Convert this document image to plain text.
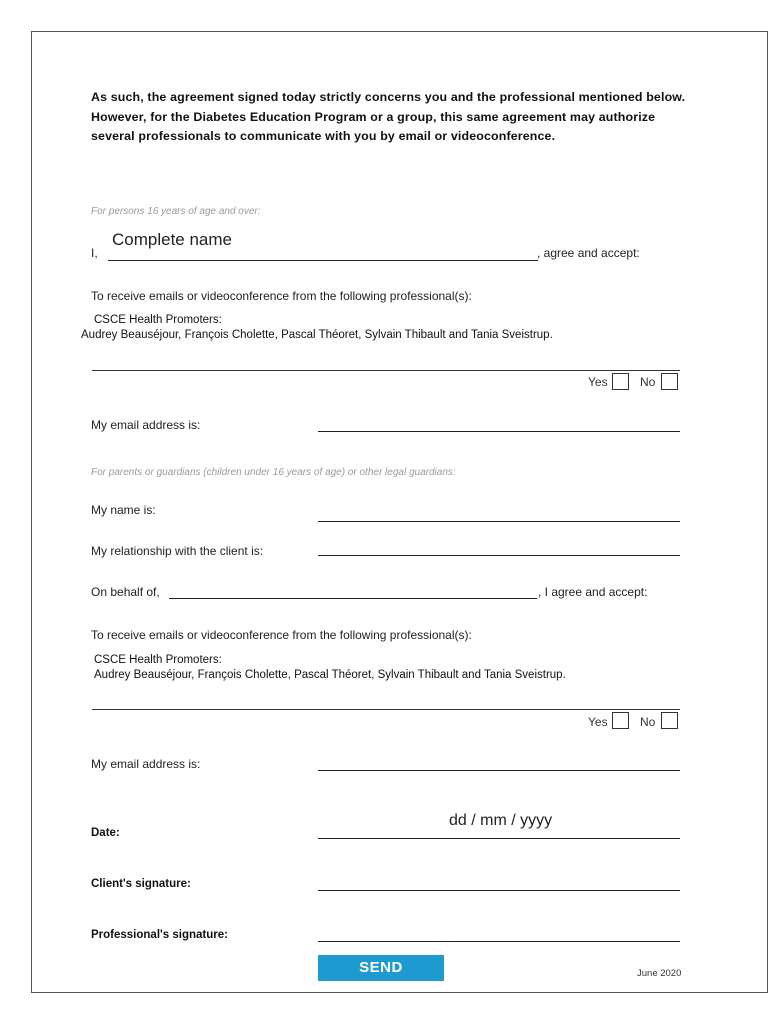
As such, the agreement signed today strictly concerns you and the professional mentioned below. However, for the Diabetes Education Program or a group, this same agreement may authorize several professionals to communicate with you by email or videoconference.
For persons 16 years of age and over:
I,
Complete name
, agree and accept:
To receive emails or videoconference from the following professional(s):
CSCE Health Promoters:
Audrey Beauséjour, François Cholette, Pascal Théoret, Sylvain Thibault and Tania Sveistrup.
Yes	No
My email address is:
For parents or guardians (children under 16 years of age) or other legal guardians:
My name is:
My relationship with the client is:
On behalf of,	, I agree and accept:
To receive emails or videoconference from the following professional(s):
CSCE Health Promoters:
Audrey Beauséjour, François Cholette, Pascal Théoret, Sylvain Thibault and Tania Sveistrup.
Yes	No
My email address is:
Date:
dd / mm / yyyy
Client's signature:
Professional's signature:
SEND	June 2020
